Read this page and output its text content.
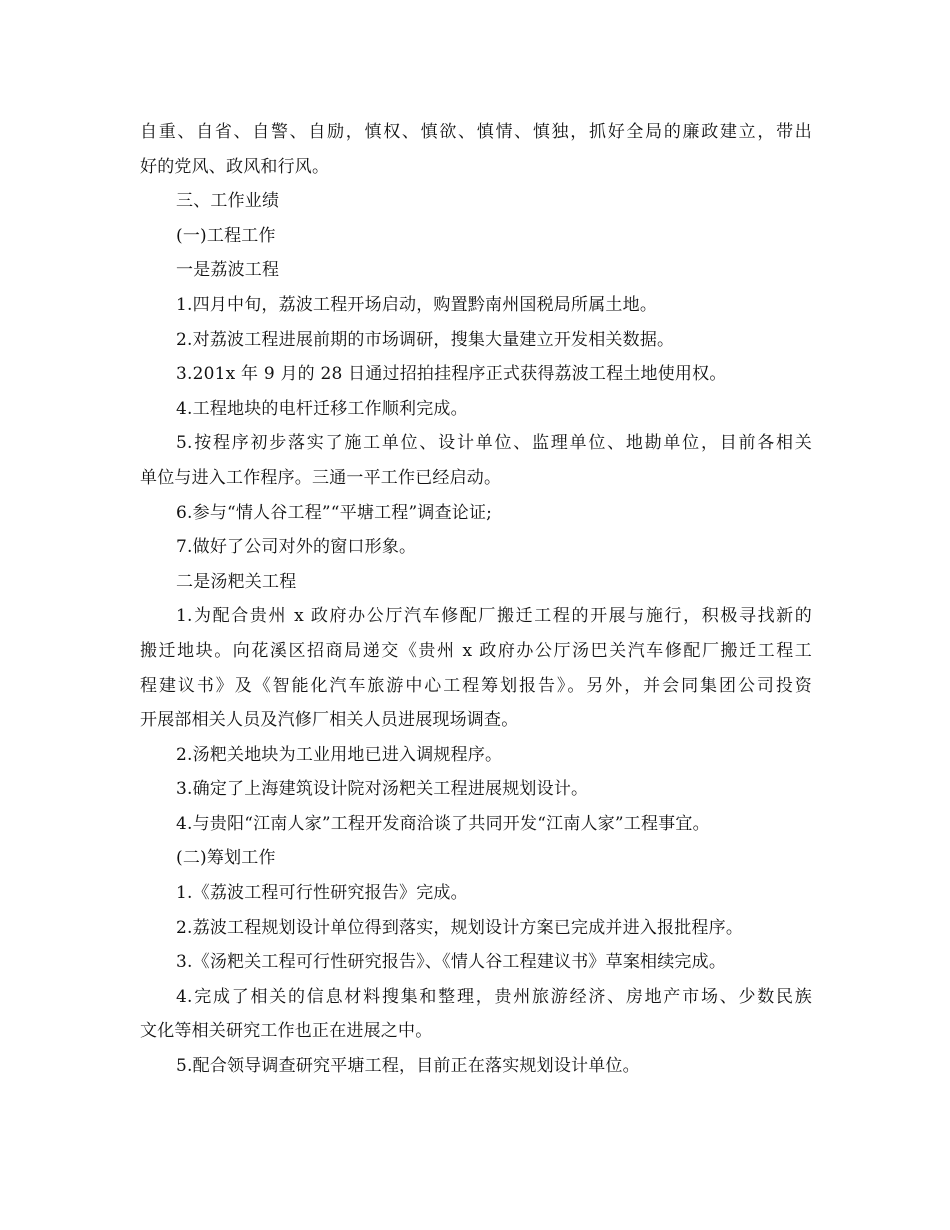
自重、自省、自警、自励，慎权、慎欲、慎情、慎独，抓好全局的廉政建立，带出
好的党风、政风和行风。
三、工作业绩
(一)工程工作
一是荔波工程
1.四月中旬，荔波工程开场启动，购置黔南州国税局所属土地。
2.对荔波工程进展前期的市场调研，搜集大量建立开发相关数据。
3.201x 年 9 月的 28 日通过招拍挂程序正式获得荔波工程土地使用权。
4.工程地块的电杆迁移工作顺利完成。
5.按程序初步落实了施工单位、设计单位、监理单位、地勘单位，目前各相关
单位与进入工作程序。三通一平工作已经启动。
6.参与“情人谷工程”“平塘工程”调查论证;
7.做好了公司对外的窗口形象。
二是汤粑关工程
1.为配合贵州 x 政府办公厅汽车修配厂搬迁工程的开展与施行，积极寻找新的
搬迁地块。向花溪区招商局递交《贵州 x 政府办公厅汤巴关汽车修配厂搬迁工程工
程建议书》及《智能化汽车旅游中心工程筹划报告》。另外，并会同集团公司投资
开展部相关人员及汽修厂相关人员进展现场调查。
2.汤粑关地块为工业用地已进入调规程序。
3.确定了上海建筑设计院对汤粑关工程进展规划设计。
4.与贵阳“江南人家”工程开发商洽谈了共同开发“江南人家”工程事宜。
(二)筹划工作
1.《荔波工程可行性研究报告》完成。
2.荔波工程规划设计单位得到落实，规划设计方案已完成并进入报批程序。
3.《汤粑关工程可行性研究报告》、《情人谷工程建议书》草案相续完成。
4.完成了相关的信息材料搜集和整理，贵州旅游经济、房地产市场、少数民族
文化等相关研究工作也正在进展之中。
5.配合领导调查研究平塘工程，目前正在落实规划设计单位。
